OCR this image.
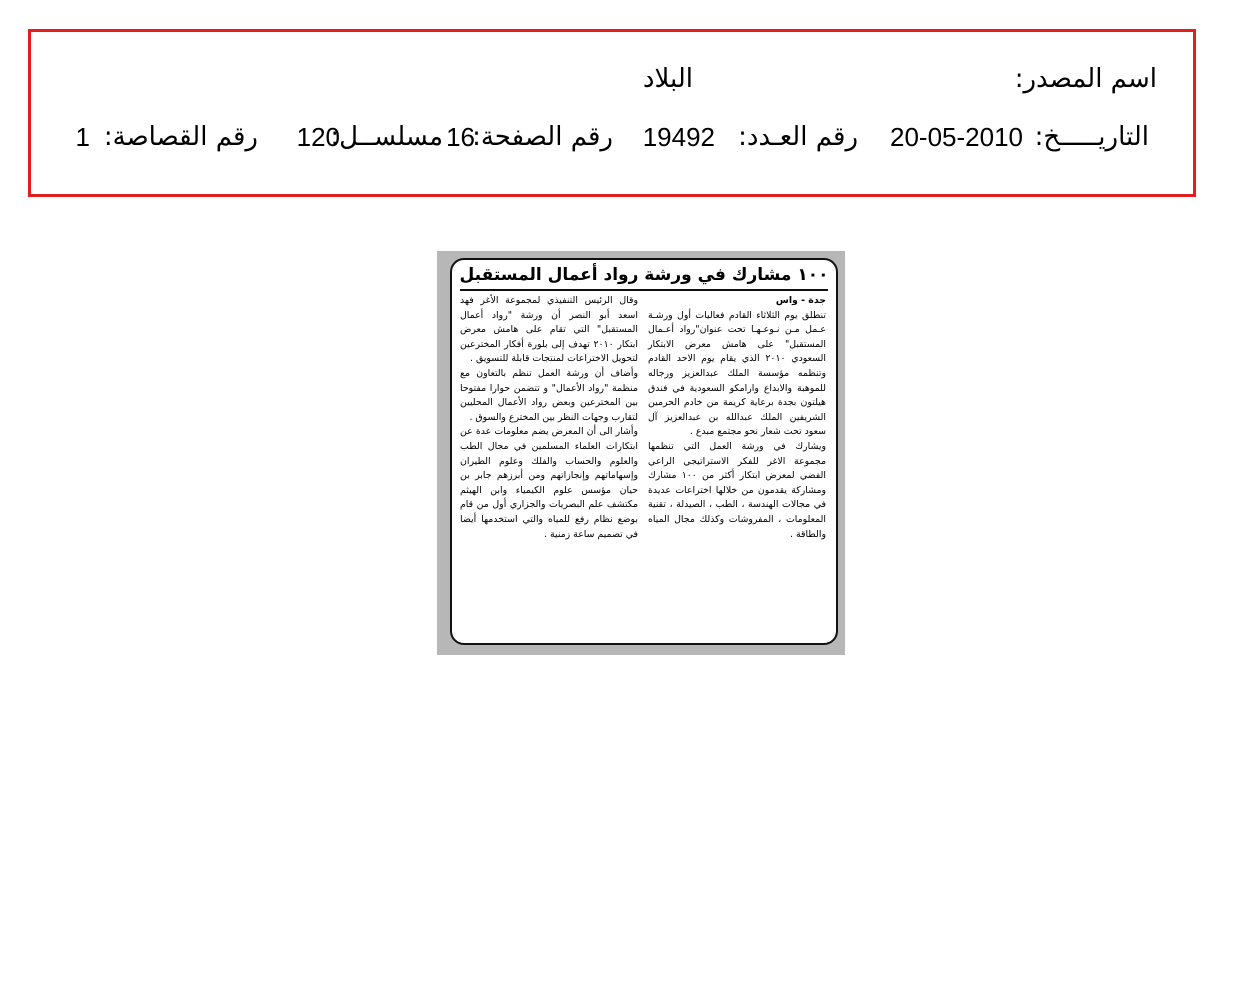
اسم المصدر:
البلاد
التاريـــــخ:
20-05-2010
رقم العـدد:
19492
رقم الصفحة:
16
مسلســل:
120
رقم القصاصة:
1
١٠٠ مشارك في ورشة رواد أعمال المستقبل
جدة - واس
تنطلق يوم الثلاثاء القادم فعاليات أول ورشـة عـمل مـن نـوعـهـا تحت عنوان"رواد أعـمال المستقبل" على هامش معرض الابتكار السعودي ٢٠١٠ الذي يقام يوم الاحد القادم وتنظمه مؤسسة الملك عبدالعزيز ورجاله للموهبة والابداع وارامكو السعودية في فندق هيلتون بجدة برعاية كريمة من خادم الحرمين الشريفين الملك عبدالله بن عبدالعزيز آل سعود تحت شعار نحو مجتمع مبدع .
ويشارك في ورشة العمل التي تنظمها مجموعة الاغر للفكر الاستراتيجي الراعي الفضي لمعرض ابتكار أكثر من ١٠٠ مشارك ومشاركة يقدمون من خلالها اختراعات عديدة في مجالات الهندسة ، الطب ، الصيدلة ، تقنية المعلومات ، المفروشات وكذلك مجال المياه والطاقة .
وقال الرئيس التنفيذي لمجموعة الأغر فهد اسعد أبو النصر أن ورشة "رواد أعمال المستقبل" التي تقام على هامش معرض ابتكار ٢٠١٠ تهدف إلى بلورة أفكار المخترعين لتحويل الاختراعات لمنتجات قابلة للتسويق .
وأضاف أن ورشة العمل تنظم بالتعاون مع منظمة "رواد الأعمال" و تتضمن حوارا مفتوحا بين المخترعين وبعض رواد الأعمال المحليين لتقارب وجهات النظر بين المخترع والسوق .
وأشار الى أن المعرض يضم معلومات عدة عن ابتكارات العلماء المسلمين في مجال الطب والعلوم والحساب والفلك وعلوم الطيران وإسهاماتهم وإنجازاتهم ومن أبرزهم جابر بن حيان مؤسس علوم الكيمياء وابن الهيثم مكتشف علم البصريات والجزاري أول من قام بوضع نظام رفع للمياه والتي استخدمها أيضا في تصميم ساعة زمنية .
